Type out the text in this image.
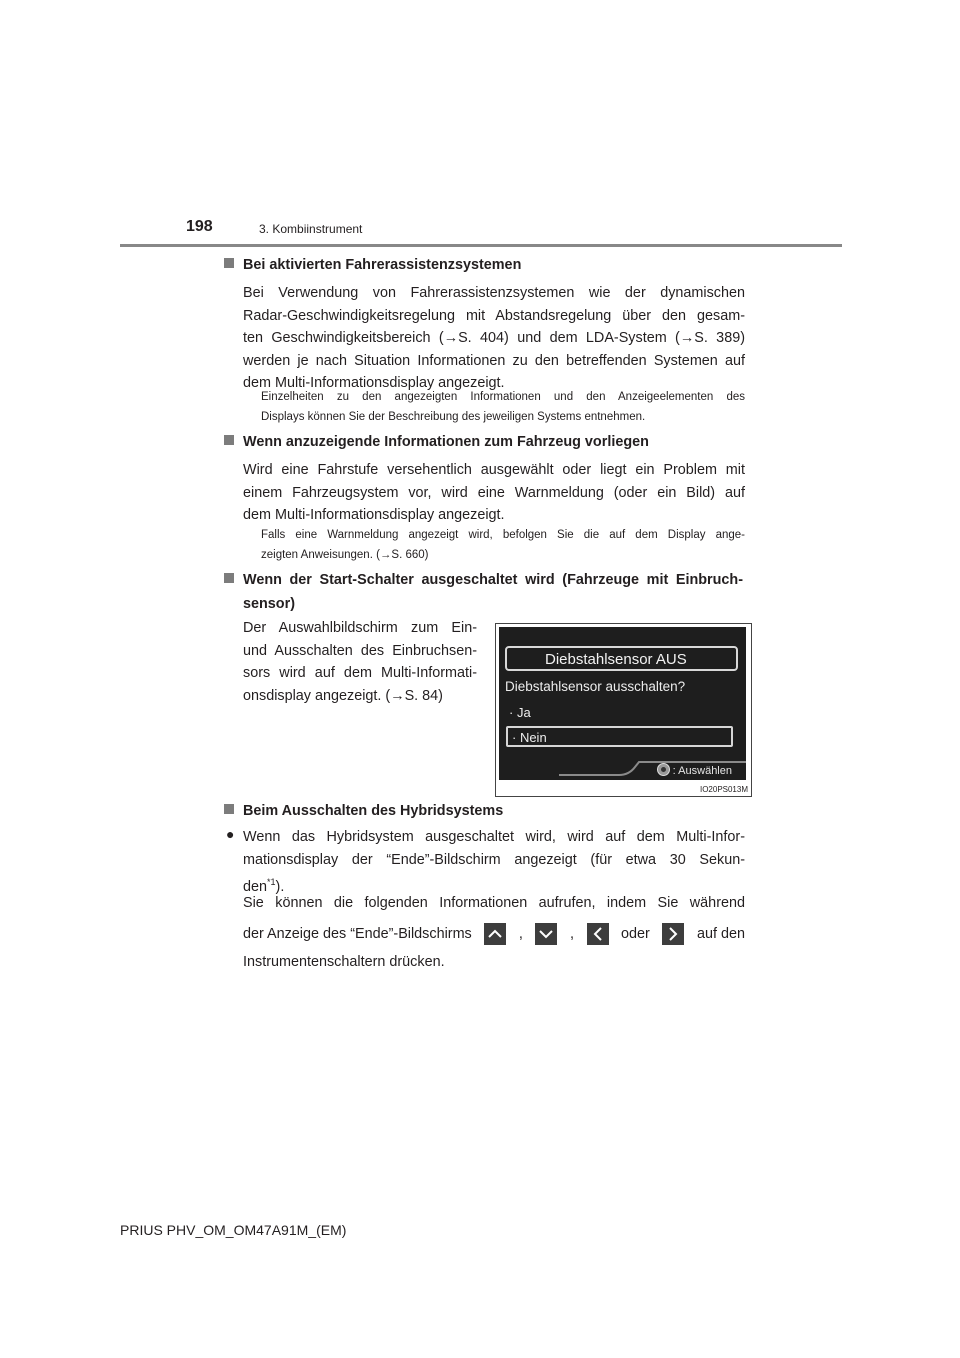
198	3. Kombiinstrument
Bei aktivierten Fahrerassistenzsystemen
Bei Verwendung von Fahrerassistenzsystemen wie der dynamischen
Radar-Geschwindigkeitsregelung mit Abstandsregelung über den gesam-
ten Geschwindigkeitsbereich (→S. 404) und dem LDA-System (→S. 389)
werden je nach Situation Informationen zu den betreffenden Systemen auf
dem Multi-Informationsdisplay angezeigt.
Einzelheiten zu den angezeigten Informationen und den Anzeigeelementen des
Displays können Sie der Beschreibung des jeweiligen Systems entnehmen.
Wenn anzuzeigende Informationen zum Fahrzeug vorliegen
Wird eine Fahrstufe versehentlich ausgewählt oder liegt ein Problem mit
einem Fahrzeugsystem vor, wird eine Warnmeldung (oder ein Bild) auf
dem Multi-Informationsdisplay angezeigt.
Falls eine Warnmeldung angezeigt wird, befolgen Sie die auf dem Display ange-
zeigten Anweisungen. (→S. 660)
Wenn der Start-Schalter ausgeschaltet wird (Fahrzeuge mit Einbruch-
sensor)
Der Auswahlbildschirm zum Ein-
und Ausschalten des Einbruchsen-
sors wird auf dem Multi-Informati-
onsdisplay angezeigt. (→S. 84)
Diebstahlsensor AUS
Diebstahlsensor ausschalten?
· Ja
· Nein
: Auswählen
IO20PS013M
Beim Ausschalten des Hybridsystems
● Wenn das Hybridsystem ausgeschaltet wird, wird auf dem Multi-Infor-
mationsdisplay der “Ende”-Bildschirm angezeigt (für etwa 30 Sekun-
den$^{*1}$).
Sie können die folgenden Informationen aufrufen, indem Sie während
der Anzeige des “Ende”-Bildschirms	,	,	oder	auf den
Instrumentenschaltern drücken.
PRIUS PHV_OM_OM47A91M_(EM)
